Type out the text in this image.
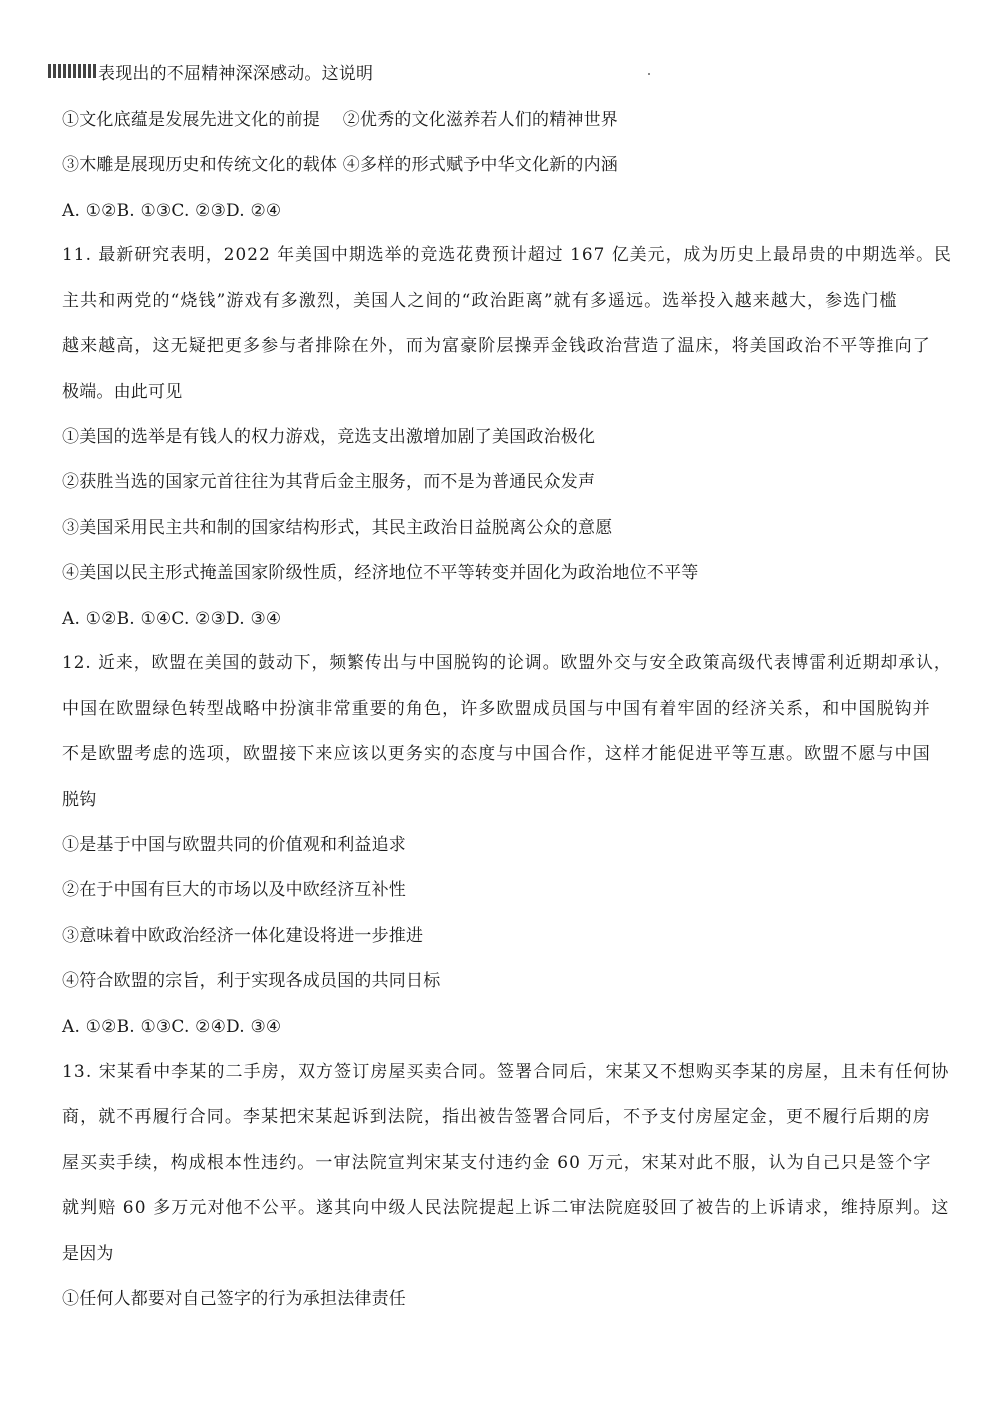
表现出的不屈精神深深感动。这说明
①文化底蕴是发展先进文化的前提　 ②优秀的文化滋养若人们的精神世界
③木雕是展现历史和传统文化的载体 ④多样的形式赋予中华文化新的内涵
A. ①②B. ①③C. ②③D. ②④
11. 最新研究表明，2022 年美国中期选举的竞选花费预计超过 167 亿美元，成为历史上最昂贵的中期选举。民
主共和两党的“烧钱”游戏有多激烈，美国人之间的“政治距离”就有多遥远。选举投入越来越大，参选门槛
越来越高，这无疑把更多参与者排除在外，而为富豪阶层操弄金钱政治营造了温床，将美国政治不平等推向了
极端。由此可见
①美国的选举是有钱人的权力游戏，竞选支出激增加剧了美国政治极化
②获胜当选的国家元首往往为其背后金主服务，而不是为普通民众发声
③美国采用民主共和制的国家结构形式，其民主政治日益脱离公众的意愿
④美国以民主形式掩盖国家阶级性质，经济地位不平等转变并固化为政治地位不平等
A. ①②B. ①④C. ②③D. ③④
12. 近来，欧盟在美国的鼓动下，频繁传出与中国脱钩的论调。欧盟外交与安全政策高级代表博雷利近期却承认，
中国在欧盟绿色转型战略中扮演非常重要的角色，许多欧盟成员国与中国有着牢固的经济关系，和中国脱钩并
不是欧盟考虑的选项，欧盟接下来应该以更务实的态度与中国合作，这样才能促进平等互惠。欧盟不愿与中国
脱钩
①是基于中国与欧盟共同的价值观和利益追求
②在于中国有巨大的市场以及中欧经济互补性
③意味着中欧政治经济一体化建设将进一步推进
④符合欧盟的宗旨，利于实现各成员国的共同日标
A. ①②B. ①③C. ②④D. ③④
13. 宋某看中李某的二手房，双方签订房屋买卖合同。签署合同后，宋某又不想购买李某的房屋，且未有任何协
商，就不再履行合同。李某把宋某起诉到法院，指出被告签署合同后，不予支付房屋定金，更不履行后期的房
屋买卖手续，构成根本性违约。一审法院宣判宋某支付违约金 60 万元，宋某对此不服，认为自己只是签个字
就判赔 60 多万元对他不公平。遂其向中级人民法院提起上诉二审法院庭驳回了被告的上诉请求，维持原判。这
是因为
①任何人都要对自己签字的行为承担法律责任
